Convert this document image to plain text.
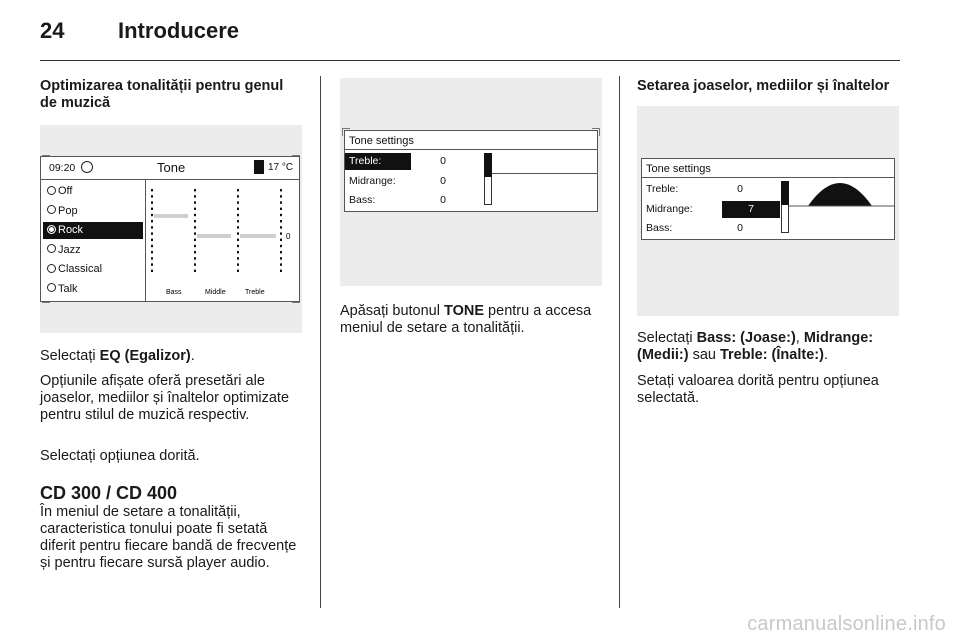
24 Introducere
Optimizarea tonalității pentru genul de muzică
09:20	Tone	17 °C
Off
Pop
Rock
Jazz
Classical
Talk
0
Bass	Middle	Treble
Selectați EQ (Egalizor).
Opțiunile afișate oferă presetări ale joaselor, mediilor și înaltelor optimizate pentru stilul de muzică respectiv.
Selectați opțiunea dorită.
CD 300 / CD 400
În meniul de setare a tonalității, caracteristica tonului poate fi setată diferit pentru fiecare bandă de frecvențe și pentru fiecare sursă player audio.
Tone settings
Treble:	0
Midrange:	0
Bass:	0
Apăsați butonul TONE pentru a accesa meniul de setare a tonalității.
Setarea joaselor, mediilor și înaltelor
Tone settings
Treble:	0
Midrange:	7
Bass:	0
Selectați Bass: (Joase:), Midrange: (Medii:) sau Treble: (Înalte:).
Setați valoarea dorită pentru opțiunea selectată.
carmanualsonline.info
